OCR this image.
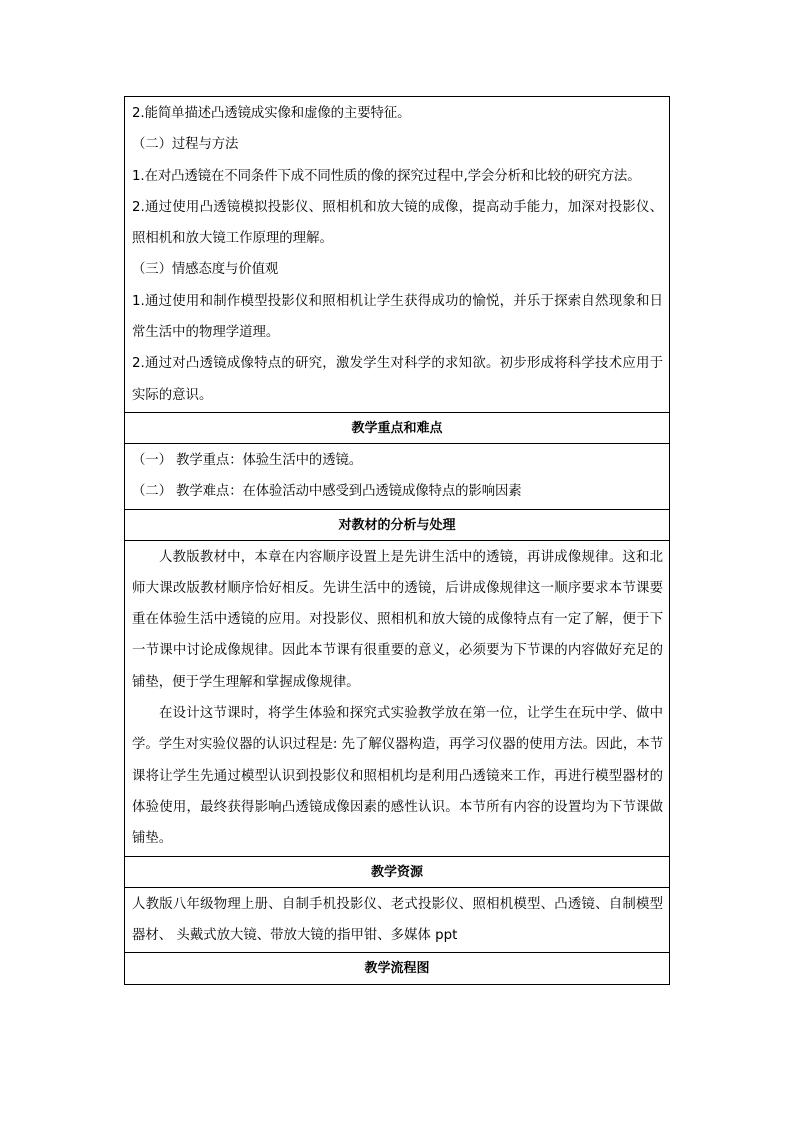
2.能简单描述凸透镜成实像和虚像的主要特征。
（二）过程与方法
1.在对凸透镜在不同条件下成不同性质的像的探究过程中,学会分析和比较的研究方法。

2.通过使用凸透镜模拟投影仪、照相机和放大镜的成像，提高动手能力，加深对投影仪、照相机和放大镜工作原理的理解。

（三）情感态度与价值观

1.通过使用和制作模型投影仪和照相机让学生获得成功的愉悦，并乐于探索自然现象和日常生活中的物理学道理。

2.通过对凸透镜成像特点的研究，激发学生对科学的求知欲。初步形成将科学技术应用于实际的意识。

教学重点和难点
（一） 教学重点：体验生活中的透镜。
（二） 教学难点：在体验活动中感受到凸透镜成像特点的影响因素
对教材的分析与处理

人教版教材中，本章在内容顺序设置上是先讲生活中的透镜，再讲成像规律。这和北师大课改版教材顺序恰好相反。先讲生活中的透镜，后讲成像规律这一顺序要求本节课要重在体验生活中透镜的应用。对投影仪、照相机和放大镜的成像特点有一定了解，便于下一节课中讨论成像规律。因此本节课有很重要的意义，必须要为下节课的内容做好充足的铺垫，便于学生理解和掌握成像规律。

在设计这节课时，将学生体验和探究式实验教学放在第一位，让学生在玩中学、做中学。学生对实验仪器的认识过程是: 先了解仪器构造，再学习仪器的使用方法。因此，本节课将让学生先通过模型认识到投影仪和照相机均是利用凸透镜来工作，再进行模型器材的体验使用，最终获得影响凸透镜成像因素的感性认识。本节所有内容的设置均为下节课做铺垫。

教学资源

人教版八年级物理上册、自制手机投影仪、老式投影仪、照相机模型、凸透镜、自制模型器材、 头戴式放大镜、带放大镜的指甲钳、多媒体 ppt

教学流程图
